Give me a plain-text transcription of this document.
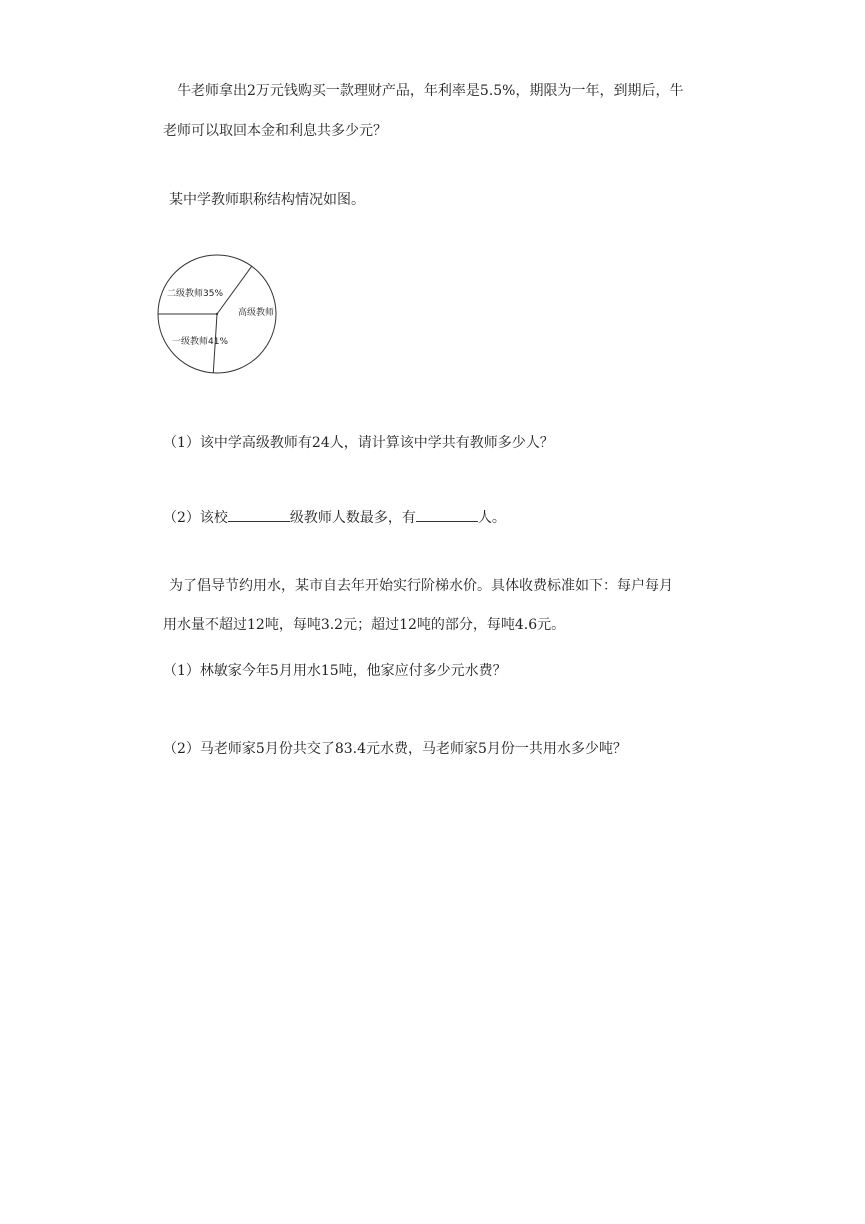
牛老师拿出2万元钱购买一款理财产品，年利率是5.5%，期限为一年，到期后，牛

老师可以取回本金和利息共多少元？

某中学教师职称结构情况如图。

二级教师35%
一级教师41%
高级教师

（1）该中学高级教师有24人，请计算该中学共有教师多少人？

（2）该校	级教师人数最多，有	人。

为了倡导节约用水，某市自去年开始实行阶梯水价。具体收费标准如下：每户每月

用水量不超过12吨，每吨3.2元；超过12吨的部分，每吨4.6元。

（1）林敏家今年5月用水15吨，他家应付多少元水费？

（2）马老师家5月份共交了83.4元水费，马老师家5月份一共用水多少吨？
